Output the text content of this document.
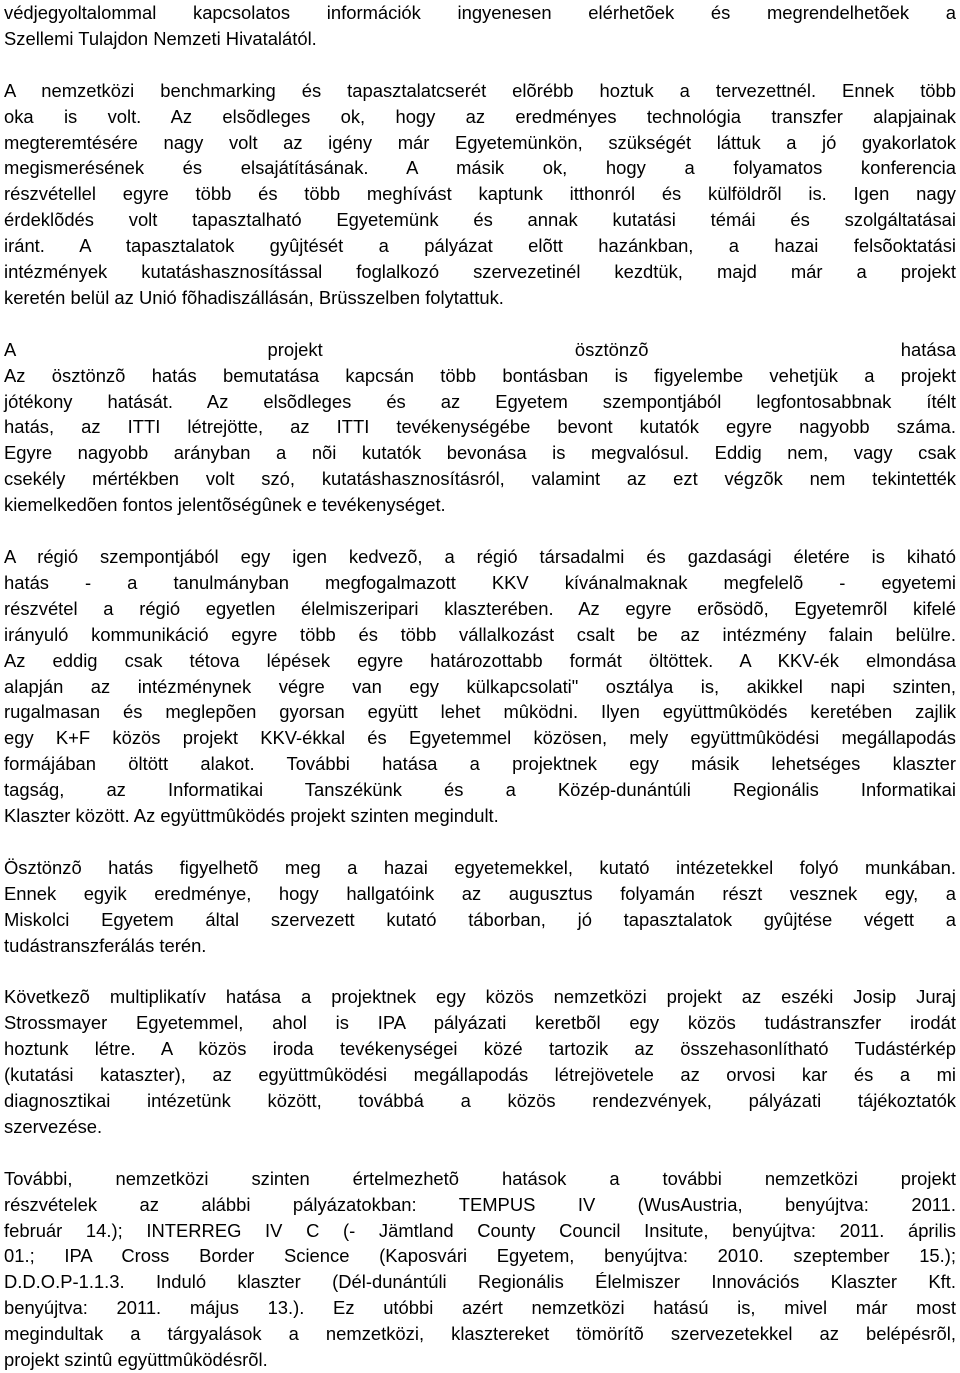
védjegyoltalommal kapcsolatos információk ingyenesen elérhetõek és megrendelhetõek a
Szellemi Tulajdon Nemzeti Hivatalától.
A nemzetközi benchmarking és tapasztalatcserét elõrébb hoztuk a tervezettnél. Ennek több
oka is volt. Az elsõdleges ok, hogy az eredményes technológia transzfer alapjainak
megteremtésére nagy volt az igény már Egyetemünkön, szükségét láttuk a jó gyakorlatok
megismerésének és elsajátításának. A másik ok, hogy a folyamatos konferencia
részvétellel egyre több és több meghívást kaptunk itthonról és külföldrõl is. Igen nagy
érdeklõdés volt tapasztalható Egyetemünk és annak kutatási témái és szolgáltatásai
iránt. A tapasztalatok gyûjtését a pályázat elõtt hazánkban, a hazai felsõoktatási
intézmények kutatáshasznosítással foglalkozó szervezetinél kezdtük, majd már a projekt
keretén belül az Unió fõhadiszállásán, Brüsszelben folytattuk.
A projekt ösztönzõ hatása
Az ösztönzõ hatás bemutatása kapcsán több bontásban is figyelembe vehetjük a projekt
jótékony hatását. Az elsõdleges és az Egyetem szempontjából legfontosabbnak ítélt
hatás, az ITTI létrejötte, az ITTI tevékenységébe bevont kutatók egyre nagyobb száma.
Egyre nagyobb arányban a nõi kutatók bevonása is megvalósul. Eddig nem, vagy csak
csekély mértékben volt szó, kutatáshasznosításról, valamint az ezt végzõk nem tekintették
kiemelkedõen fontos jelentõségûnek e tevékenységet.
A régió szempontjából egy igen kedvezõ, a régió társadalmi és gazdasági életére is kiható
hatás - a tanulmányban megfogalmazott KKV kívánalmaknak megfelelõ - egyetemi
részvétel a régió egyetlen élelmiszeripari klaszterében. Az egyre erõsödõ, Egyetemrõl kifelé
irányuló kommunikáció egyre több és több vállalkozást csalt be az intézmény falain belülre.
Az eddig csak tétova lépések egyre határozottabb formát öltöttek. A KKV-ék elmondása
alapján az intézménynek végre van egy külkapcsolati" osztálya is, akikkel napi szinten,
rugalmasan és meglepõen gyorsan együtt lehet mûködni. Ilyen együttmûködés keretében zajlik
egy K+F közös projekt KKV-ékkal és Egyetemmel közösen, mely együttmûködési megállapodás
formájában öltött alakot. További hatása a projektnek egy másik lehetséges klaszter
tagság, az Informatikai Tanszékünk és a Közép-dunántúli Regionális Informatikai
Klaszter között. Az együttmûködés projekt szinten megindult.
Ösztönzõ hatás figyelhetõ meg a hazai egyetemekkel, kutató intézetekkel folyó munkában.
Ennek egyik eredménye, hogy hallgatóink az augusztus folyamán részt vesznek egy, a
Miskolci Egyetem által szervezett kutató táborban, jó tapasztalatok gyûjtése végett a
tudástranszferálás terén.
Következõ multiplikatív hatása a projektnek egy közös nemzetközi projekt az eszéki Josip Juraj
Strossmayer Egyetemmel, ahol is IPA pályázati keretbõl egy közös tudástranszfer irodát
hoztunk létre. A közös iroda tevékenységei közé tartozik az összehasonlítható Tudástérkép
(kutatási kataszter), az együttmûködési megállapodás létrejövetele az orvosi kar és a mi
diagnosztikai intézetünk között, továbbá a közös rendezvények, pályázati tájékoztatók
szervezése.
További, nemzetközi szinten értelmezhetõ hatások a további nemzetközi projekt
részvételek az alábbi pályázatokban: TEMPUS IV (WusAustria, benyújtva: 2011.
február 14.); INTERREG IV C (- Jämtland County Council Insitute, benyújtva: 2011. április
01.; IPA Cross Border Science (Kaposvári Egyetem, benyújtva: 2010. szeptember 15.);
D.D.O.P-1.1.3. Induló klaszter (Dél-dunántúli Regionális Élelmiszer Innovációs Klaszter Kft.
benyújtva: 2011. május 13.). Ez utóbbi azért nemzetközi hatású is, mivel már most
megindultak a tárgyalások a nemzetközi, klasztereket tömörítõ szervezetekkel az belépésrõl,
projekt szintû együttmûködésrõl.
